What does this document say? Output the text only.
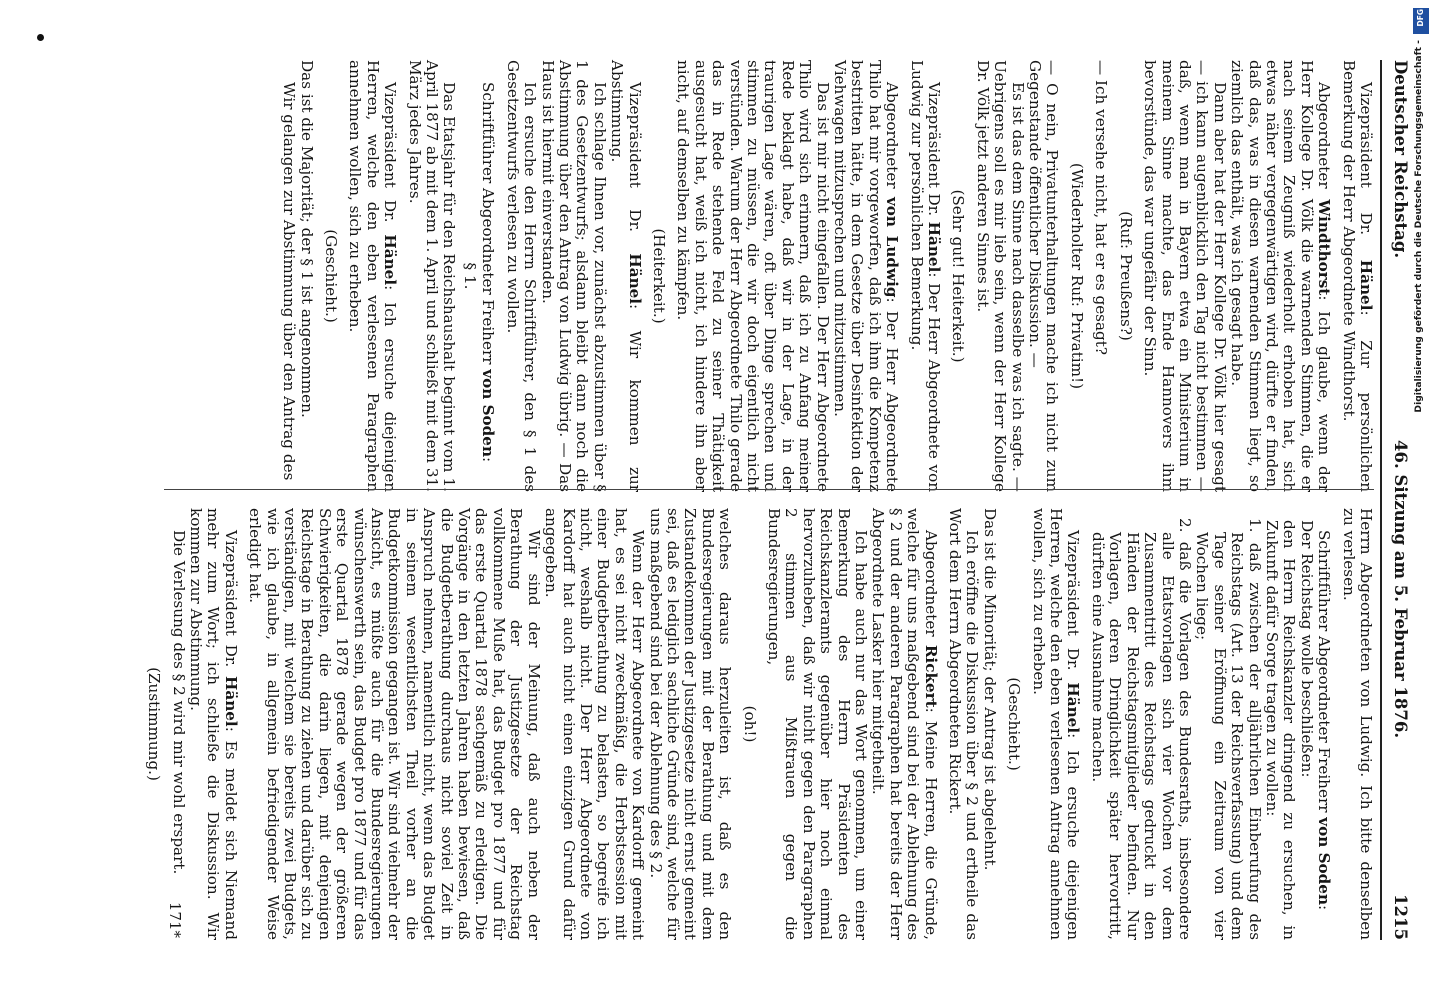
Deutscher Reichstag.
46. Sitzung am 5. Februar 1876.
1215

Vizepräsident Dr. Hänel: Zur persönlichen Bemerkung der Herr Abgeordnete Windthorst.

Abgeordneter Windthorst: Ich glaube, wenn der Herr Kollege Dr. Völk die warnenden Stimmen, die er nach seinem Zeugniß wiederholt erhoben hat, sich etwas näher vergegenwärtigen wird, dürfte er finden, daß das, was in diesen warnenden Stimmen liegt, so ziemlich das enthält, was ich gesagt habe.

Dann aber hat der Herr Kollege Dr. Völk hier gesagt — ich kann augenblicklich den Tag nicht bestimmen — daß, wenn man in Bayern etwa ein Ministerium in meinem Sinne machte, das Ende Hannovers ihm bevorstünde, das war ungefähr der Sinn.

(Ruf: Preußens?)

— Ich versehe nicht, hat er es gesagt?

(Wiederholter Ruf: Privatim!)

— O nein, Privatunterhaltungen mache ich nicht zum Gegenstande öffentlicher Diskussion. —

Es ist das dem Sinne nach dasselbe was ich sagte. — Uebrigens soll es mir lieb sein, wenn der Herr Kollege Dr. Völk jetzt anderen Sinnes ist.

(Sehr gut! Heiterkeit.)

Vizepräsident Dr. Hänel: Der Herr Abgeordnete von Ludwig zur persönlichen Bemerkung.

Abgeordneter von Ludwig: Der Herr Abgeordnete Thilo hat mir vorgeworfen, daß ich ihm die Kompetenz bestritten hätte, in dem Gesetze über Desinfektion der Viehwagen mitzusprechen und mitzustimmen.

Das ist mir nicht eingefallen. Der Herr Abgeordnete Thilo wird sich erinnern, daß ich zu Anfang meiner Rede beklagt habe, daß wir in der Lage, in der traurigen Lage wären, oft über Dinge sprechen und stimmen zu müssen, die wir doch eigentlich nicht verstünden. Warum der Herr Abgeordnete Thilo gerade das in Rede stehende Feld zu seiner Thätigkeit ausgesucht hat, weiß ich nicht, ich hindere ihn aber nicht, auf demselben zu kämpfen.

(Heiterkeit.)

Vizepräsident Dr. Hänel: Wir kommen zur Abstimmung.

Ich schlage Ihnen vor, zunächst abzustimmen über § 1 des Gesetzentwurfs; alsdann bleibt dann noch die Abstimmung über den Antrag von Ludwig übrig. — Das Haus ist hiermit einverstanden.

Ich ersuche den Herrn Schriftführer, den § 1 des Gesetzentwurfs verlesen zu wollen.

Schriftführer Abgeordneter Freiherr von Soden:

§ 1.

Das Etatsjahr für den Reichshaushalt beginnt vom 1. April 1877 ab mit dem 1. April und schließt mit dem 31. März jedes Jahres.

Vizepräsident Dr. Hänel: Ich ersuche diejenigen Herren, welche den eben verlesenen Paragraphen annehmen wollen, sich zu erheben.

(Geschieht.)

Das ist die Majorität; der § 1 ist angenommen.

Wir gelangen zur Abstimmung über den Antrag des

Herrn Abgeordneten von Ludwig. Ich bitte denselben zu verlesen.

Schriftführer Abgeordneter Freiherr von Soden:

Der Reichstag wolle beschließen:

den Herrn Reichskanzler dringend zu ersuchen, in Zukunft dafür Sorge tragen zu wollen:

1. daß zwischen der alljährlichen Einberufung des Reichstags (Art. 13 der Reichsverfassung) und dem Tage seiner Eröffnung ein Zeitraum von vier Wochen liege;

2. daß die Vorlagen des Bundesraths, insbesondere alle Etatsvorlagen sich vier Wochen vor dem Zusammentritt des Reichstags gedruckt in den Händen der Reichstagsmitglieder befinden. Nur Vorlagen, deren Dringlichkeit später hervortritt, dürften eine Ausnahme machen.

Vizepräsident Dr. Hänel: Ich ersuche diejenigen Herren, welche den eben verlesenen Antrag annehmen wollen, sich zu erheben.

(Geschieht.)

Das ist die Minorität; der Antrag ist abgelehnt.

Ich eröffne die Diskussion über § 2 und ertheile das Wort dem Herrn Abgeordneten Rickert.

Abgeordneter Rickert: Meine Herren, die Gründe, welche für uns maßgebend sind bei der Ablehnung des § 2 und der anderen Paragraphen hat bereits der Herr Abgeordnete Lasker hier mitgetheilt.

Ich habe auch nur das Wort genommen, um einer Bemerkung des Herrn Präsidenten des Reichskanzleramts gegenüber hier noch einmal hervorzuheben, daß wir nicht gegen den Paragraphen 2 stimmen aus Mißtrauen gegen die Bundesregierungen,

(oh!)

welches daraus herzuleiten ist, daß es den Bundesregierungen mit der Berathung und mit dem Zustandekommen der Justizgesetze nicht ernst gemeint sei, daß es lediglich sachliche Gründe sind, welche für uns maßgebend sind bei der Ablehnung des § 2.

Wenn der Herr Abgeordnete von Kardorff gemeint hat, es sei nicht zweckmäßig, die Herbstsession mit einer Budgetberathung zu belasten, so begreife ich nicht, weshalb nicht. Der Herr Abgeordnete von Kardorff hat auch nicht einen einzigen Grund dafür angegeben.

Wir sind der Meinung, daß auch neben der Berathung der Justizgesetze der Reichstag vollkommene Muße hat, das Budget pro 1877 und für das erste Quartal 1878 sachgemäß zu erledigen. Die Vorgänge in den letzten Jahren haben bewiesen, daß die Budgetberathung durchaus nicht soviel Zeit in Anspruch nehmen, namentlich nicht, wenn das Budget in seinem wesentlichsten Theil vorher an die Budgetkommission gegangen ist. Wir sind vielmehr der Ansicht, es müßte auch für die Bundesregierungen wünschenswerth sein, das Budget pro 1877 und für das erste Quartal 1878 gerade wegen der größeren Schwierigkeiten, die darin liegen, mit denjenigen Reichstage in Berathung zu ziehen und darüber sich zu verständigen, mit welchem sie bereits zwei Budgets, wie ich glaube, in allgemein befriedigender Weise erledigt hat.

Vizepräsident Dr. Hänel: Es meldet sich Niemand mehr zum Wort; ich schließe die Diskussion. Wir kommen zur Abstimmung.

Die Verlesung des § 2 wird mir wohl erspart.

(Zustimmung.)

171*
DFG
Digitalisierung gefördert durch die Deutsche Forschungsgemeinschaft -
